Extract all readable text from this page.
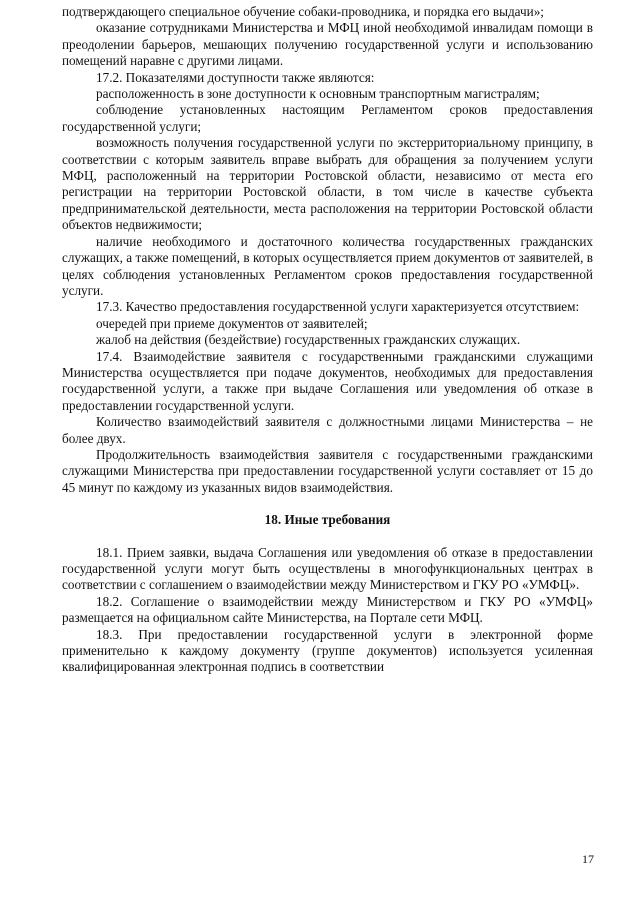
подтверждающего специальное обучение собаки-проводника, и порядка его выдачи»;

оказание сотрудниками Министерства и МФЦ иной необходимой инвалидам помощи в преодолении барьеров, мешающих получению государственной услуги и использованию помещений наравне с другими лицами.

17.2. Показателями доступности также являются:

расположенность в зоне доступности к основным транспортным магистралям;

соблюдение установленных настоящим Регламентом сроков предоставления государственной услуги;

возможность получения государственной услуги по экстерриториальному принципу, в соответствии с которым заявитель вправе выбрать для обращения за получением услуги МФЦ, расположенный на территории Ростовской области, независимо от места его регистрации на территории Ростовской области, в том числе в качестве субъекта предпринимательской деятельности, места расположения на территории Ростовской области объектов недвижимости;

наличие необходимого и достаточного количества государственных гражданских служащих, а также помещений, в которых осуществляется прием документов от заявителей, в целях соблюдения установленных Регламентом сроков предоставления государственной услуги.

17.3. Качество предоставления государственной услуги характеризуется отсутствием:

очередей при приеме документов от заявителей;

жалоб на действия (бездействие) государственных гражданских служащих.

17.4. Взаимодействие заявителя с государственными гражданскими служащими Министерства осуществляется при подаче документов, необходимых для предоставления государственной услуги, а также при выдаче Соглашения или уведомления об отказе в предоставлении государственной услуги.

Количество взаимодействий заявителя с должностными лицами Министерства – не более двух.

Продолжительность взаимодействия заявителя с государственными гражданскими служащими Министерства при предоставлении государственной услуги составляет от 15 до 45 минут по каждому из указанных видов взаимодействия.

18. Иные требования

18.1. Прием заявки, выдача Соглашения или уведомления об отказе в предоставлении государственной услуги могут быть осуществлены в многофункциональных центрах в соответствии с соглашением о взаимодействии между Министерством и ГКУ РО «УМФЦ».

18.2. Соглашение о взаимодействии между Министерством и ГКУ РО «УМФЦ» размещается на официальном сайте Министерства, на Портале сети МФЦ.

18.3. При предоставлении государственной услуги в электронной форме применительно к каждому документу (группе документов) используется усиленная квалифицированная электронная подпись в соответствии

17
